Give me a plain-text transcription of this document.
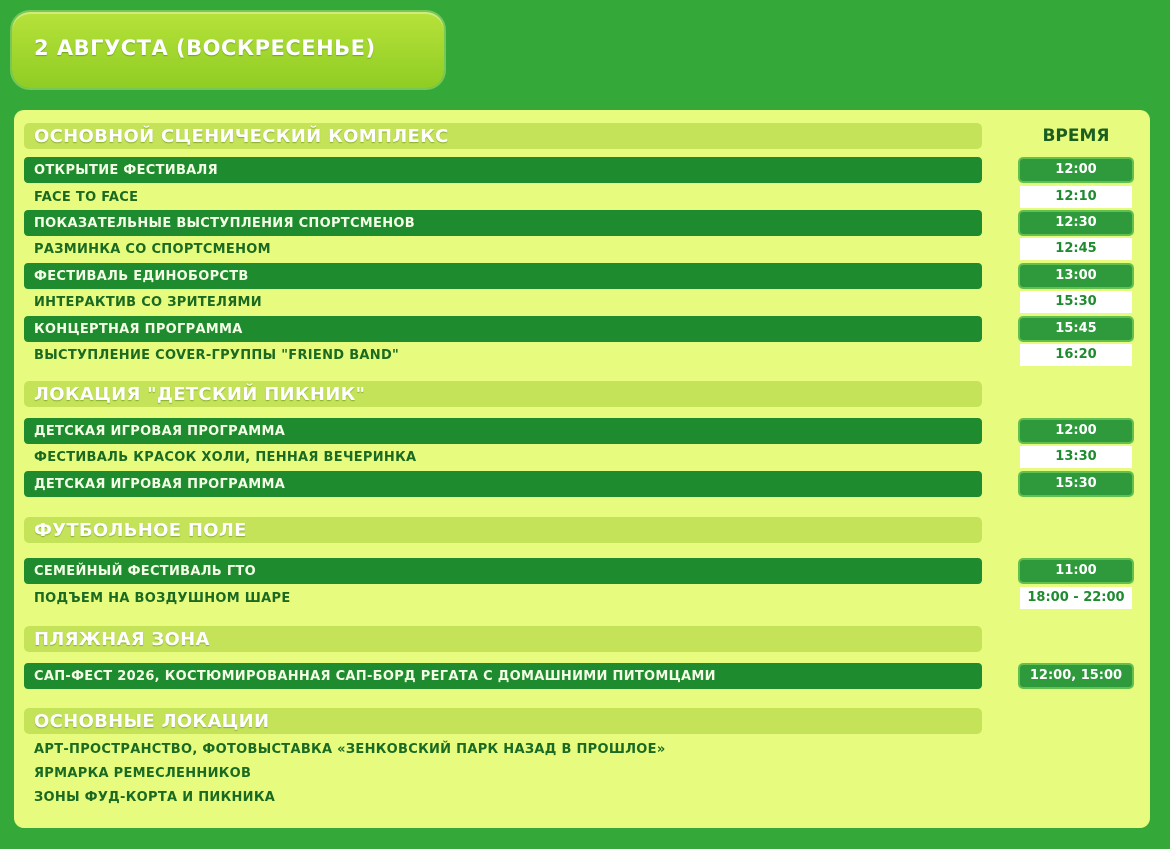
2 АВГУСТА (ВОСКРЕСЕНЬЕ)
ВРЕМЯ
ОСНОВНОЙ СЦЕНИЧЕСКИЙ КОМПЛЕКС
ОТКРЫТИЕ ФЕСТИВАЛЯ	12:00
FACE TO FACE	12:10
ПОКАЗАТЕЛЬНЫЕ ВЫСТУПЛЕНИЯ СПОРТСМЕНОВ	12:30
РАЗМИНКА СО СПОРТСМЕНОМ	12:45
ФЕСТИВАЛЬ ЕДИНОБОРСТВ	13:00
ИНТЕРАКТИВ СО ЗРИТЕЛЯМИ	15:30
КОНЦЕРТНАЯ ПРОГРАММА	15:45
ВЫСТУПЛЕНИЕ COVER-ГРУППЫ "FRIEND BAND"	16:20
ЛОКАЦИЯ "ДЕТСКИЙ ПИКНИК"
ДЕТСКАЯ ИГРОВАЯ ПРОГРАММА	12:00
ФЕСТИВАЛЬ КРАСОК ХОЛИ, ПЕННАЯ ВЕЧЕРИНКА	13:30
ДЕТСКАЯ ИГРОВАЯ ПРОГРАММА	15:30
ФУТБОЛЬНОЕ ПОЛЕ
СЕМЕЙНЫЙ ФЕСТИВАЛЬ ГТО	11:00
ПОДЪЕМ НА ВОЗДУШНОМ ШАРЕ	18:00 - 22:00
ПЛЯЖНАЯ ЗОНА
САП-ФЕСТ 2026, КОСТЮМИРОВАННАЯ САП-БОРД РЕГАТА С ДОМАШНИМИ ПИТОМЦАМИ	12:00, 15:00
ОСНОВНЫЕ ЛОКАЦИИ
АРТ-ПРОСТРАНСТВО, ФОТОВЫСТАВКА «ЗЕНКОВСКИЙ ПАРК НАЗАД В ПРОШЛОЕ»
ЯРМАРКА РЕМЕСЛЕННИКОВ
ЗОНЫ ФУД-КОРТА И ПИКНИКА
